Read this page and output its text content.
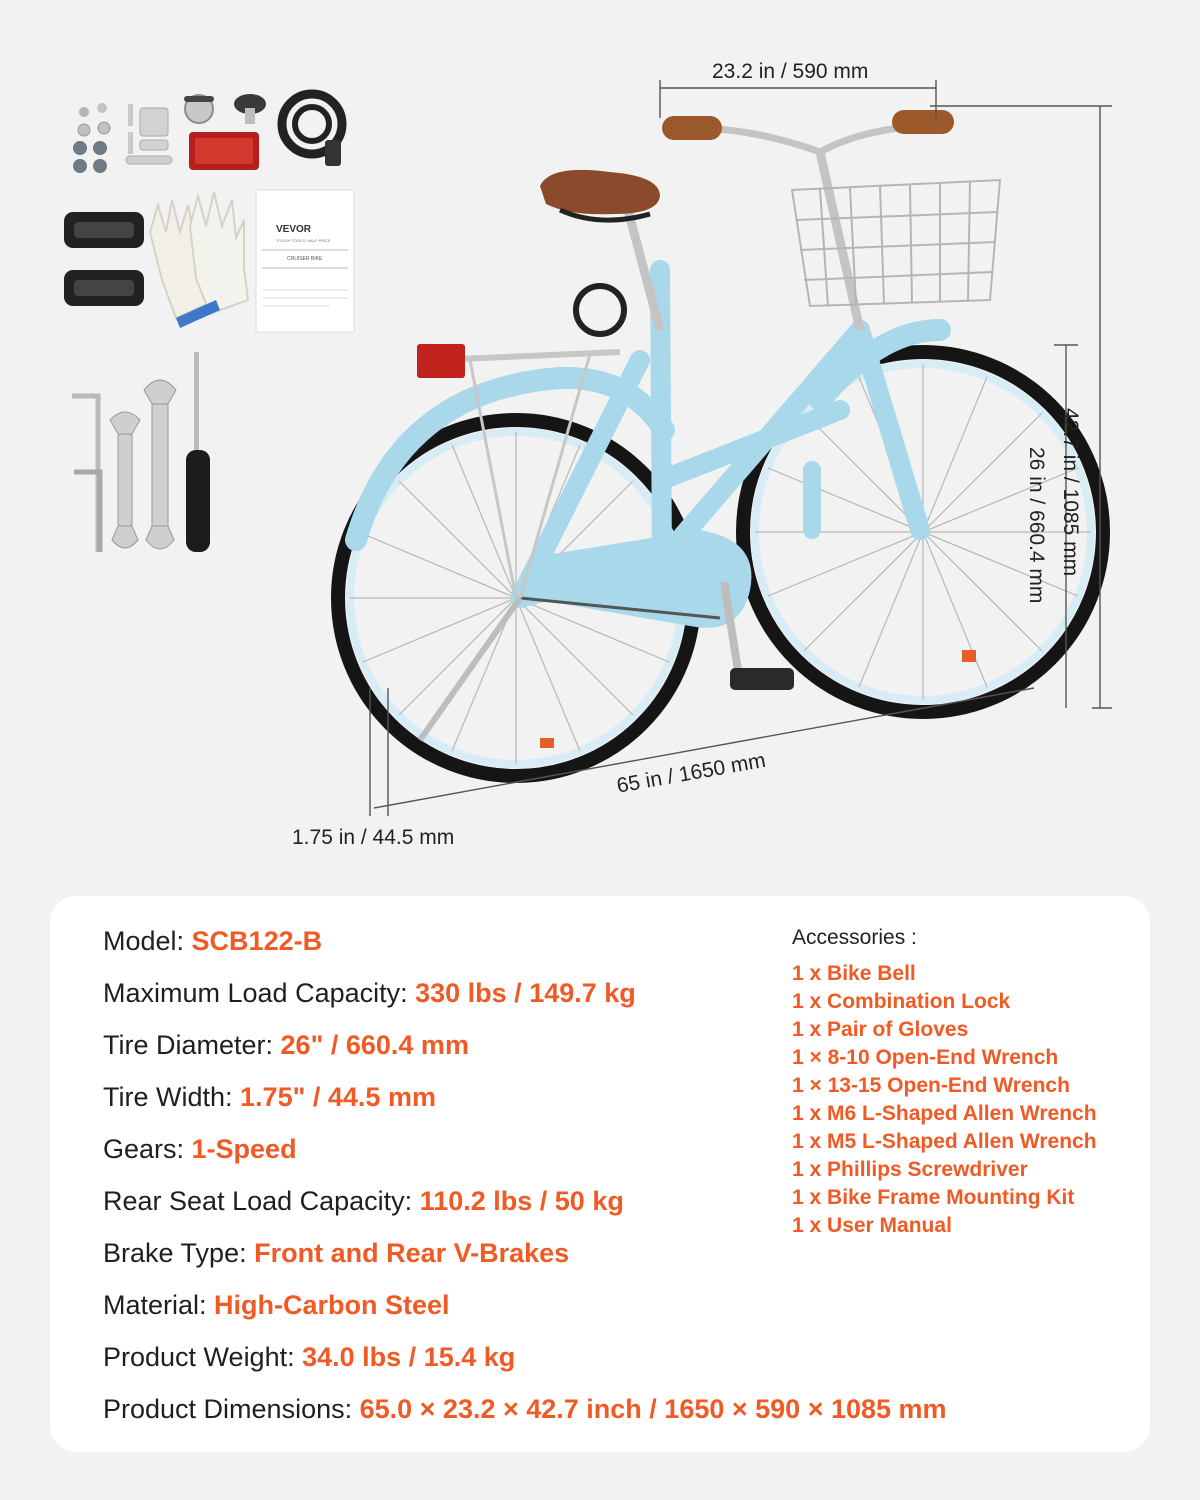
VEVOR
TOUGH TOOLS, HALF PRICE
CRUISER BIKE
23.2 in / 590 mm
42.7 in / 1085 mm
26 in / 660.4 mm
65 in / 1650 mm
1.75 in / 44.5 mm
Model: SCB122-B
Maximum Load Capacity: 330 lbs / 149.7 kg
Tire Diameter: 26" / 660.4 mm
Tire Width: 1.75" / 44.5 mm
Gears: 1-Speed
Rear Seat Load Capacity: 110.2 lbs / 50 kg
Brake Type: Front and Rear V-Brakes
Material: High-Carbon Steel
Product Weight: 34.0 lbs / 15.4 kg
Product Dimensions: 65.0 × 23.2 × 42.7 inch / 1650 × 590 × 1085 mm
Accessories :
1 x Bike Bell
1 x Combination Lock
1 x Pair of Gloves
1 × 8-10 Open-End Wrench
1 × 13-15 Open-End Wrench
1 x M6 L-Shaped Allen Wrench
1 x M5 L-Shaped Allen Wrench
1 x Phillips Screwdriver
1 x Bike Frame Mounting Kit
1 x User Manual
